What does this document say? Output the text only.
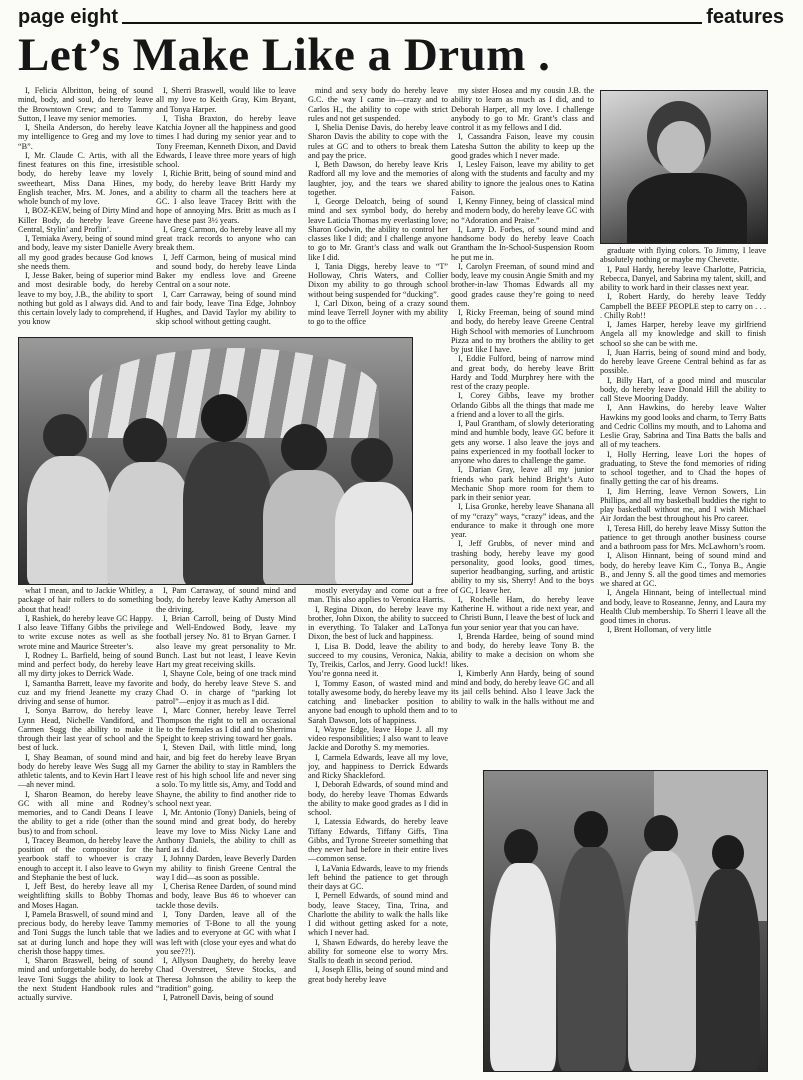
page eight	features
Let’s Make Like a Drum .

I, Felicia Albritton, being of sound mind, body, and soul, do hereby leave the Browntown Crew; and to Tammy Sutton, I leave my senior memories.

I, Sheila Anderson, do hereby leave my intelligence to Greg and my love to “B”.

I, Mr. Claude C. Artis, with all the finest features on this fine, irresistible body, do hereby leave my lovely sweetheart, Miss Dana Hines, my English teacher, Mrs. M. Jones, and a whole bunch of my love.

I, BOZ-KEW, being of Dirty Mind and Killer Body, do hereby leave Greene Central, Stylin’ and Proflin’.

I, Temiaka Avery, being of sound mind and body, leave my sister Danielle Avery all my good grades because God knows she needs them.

I, Jesse Baker, being of superior mind and most desirable body, do hereby leave to my boy, J.B., the ability to sport nothing but gold as I always did. And to this certain lovely lady to comprehend, if you know

I, Sherri Braswell, would like to leave all my love to Keith Gray, Kim Bryant, and Tonya Harper.

I, Tisha Braxton, do hereby leave Katchia Joyner all the happiness and good times I had during my senior year and to Tony Freeman, Kenneth Dixon, and David Edwards, I leave three more years of high school.

I, Richie Britt, being of sound mind and body, do hereby leave Britt Hardy my ability to charm all the teachers here at GC. I also leave Tracey Britt with the hope of annoying Mrs. Britt as much as I have these past 3½ years.

I, Greg Carmon, do hereby leave all my great track records to anyone who can break them.

I, Jeff Carmon, being of musical mind and sound body, do hereby leave Linda Baker my endless love and Greene Central on a sour note.

I, Carr Carraway, being of sound mind and fair body, leave Tina Edge, Johnboy Hughes, and David Taylor my ability to skip school without getting caught.

mind and sexy body do hereby leave G.C. the way I came in—crazy and to Carlos H., the ability to cope with strict rules and not get suspended.

I, Shelia Denise Davis, do hereby leave Sharon Davis the ability to cope with the rules at GC and to others to break them and pay the price.

I, Beth Dawson, do hereby leave Kris Radford all my love and the memories of laughter, joy, and the tears we shared together.

I, George Deloatch, being of sound mind and sex symbol body, do hereby leave Laticia Thomas my everlasting love; Sharon Godwin, the ability to control her classes like I did; and I challenge anyone to go to Mr. Grant’s class and walk out like I did.

I, Tania Diggs, hereby leave to “T” Holloway, Chris Waters, and Collier Dixon my ability to go through school without being suspended for “ducking”.

I, Carl Dixon, being of a crazy sound mind leave Terrell Joyner with my ability to go to the office

my sister Hosea and my cousin J.B. the ability to learn as much as I did, and to Deborah Harper, all my love. I challenge anybody to go to Mr. Grant’s class and control it as my fellows and I did.

I, Cassandra Faison, leave my cousin Latesha Sutton the ability to keep up the good grades which I never made.

I, Lesley Faison, leave my ability to get along with the students and faculty and my ability to ignore the jealous ones to Katina Faison.

I, Kenny Finney, being of classical mind and modern body, do hereby leave GC with no “Adoration and Praise.”

I, Larry D. Forbes, of sound mind and handsome body do hereby leave Coach Grantham the In-School-Suspension Room he put me in.

I, Carolyn Freeman, of sound mind and body, leave my cousin Angie Smith and my brother-in-law Thomas Edwards all my good grades cause they’re going to need them.

I, Ricky Freeman, being of sound mind and body, do hereby leave Greene Central High School with memories of Lunchroom Pizza and to my brothers the ability to get by just like I have.

I, Eddie Fulford, being of narrow mind and great body, do hereby leave Britt Hardy and Todd Murphrey here with the rest of the crazy people.

I, Corey Gibbs, leave my brother Orlando Gibbs all the things that made me a friend and a lover to all the girls.

I, Paul Grantham, of slowly deteriorating mind and humble body, leave GC before it gets any worse. I also leave the joys and pains experienced in my football locker to anyone who dares to challenge the game.

I, Darian Gray, leave all my junior friends who park behind Bright’s Auto Mechanic Shop more room for them to park in their senior year.

I, Lisa Gronke, hereby leave Shanana all of my “crazy” ways, “crazy” ideas, and the endurance to make it through one more year.

I, Jeff Grubbs, of never mind and trashing body, hereby leave my good personality, good looks, good times, superior headbanging, surfing, and artistic ability to my sis, Sherry! And to the boys of GC, I leave her.

I, Rochelle Ham, do hereby leave Katherine H. without a ride next year, and to Christi Bunn, I leave the best of luck and fun your senior year that you can have.

I, Brenda Hardee, being of sound mind and body, do hereby leave Tony B. the ability to make a decision on whom she likes.

I, Kimberly Ann Hardy, being of sound mind and body, do hereby leave GC and all its jail cells behind. Also I leave Jack the ability to walk in the halls without me and to

graduate with flying colors. To Jimmy, I leave absolutely nothing or maybe my Chevette.

I, Paul Hardy, hereby leave Charlotte, Patricia, Rebecca, Danyel, and Sabrina my talent, skill, and ability to work hard in their classes next year.

I, Robert Hardy, do hereby leave Teddy Campbell the BEEF PEOPLE step to carry on . . . . Chilly Rob!!

I, James Harper, hereby leave my girlfriend Angela all my knowledge and skill to finish school so she can be with me.

I, Juan Harris, being of sound mind and body, do hereby leave Greene Central behind as far as possible.

I, Billy Hart, of a good mind and muscular body, do hereby leave Donald Hill the ability to call Steve Mooring Daddy.

I, Ann Hawkins, do hereby leave Walter Hawkins my good looks and charm, to Terry Batts and Cedric Collins my mouth, and to Lahoma and Leslie Gray, Sabrina and Tina Batts the balls and all of my teachers.

I, Holly Herring, leave Lori the hopes of graduating, to Steve the fond memories of riding to school together, and to Chad the hopes of finally getting the car of his dreams.

I, Jim Herring, leave Vernon Sowers, Lin Phillips, and all my basketball buddies the right to play basketball without me, and I wish Michael Air Jordan the best throughout his Pro career.

I, Teresa Hill, do hereby leave Missy Sutton the patience to get through another business course and a bathroom pass for Mrs. McLawhorn’s room.

I, Alison Hinnant, being of sound mind and body, do hereby leave Kim C., Tonya B., Angie B., and Jenny S. all the good times and memories we shared at GC.

I, Angela Hinnant, being of intellectual mind and body, leave to Roseanne, Jenny, and Laura my Health Club membership. To Sherri I leave all the good times in chorus.

I, Brent Holloman, of very little

what I mean, and to Jackie Whitley, a package of hair rollers to do something about that head!

I, Rashiek, do hereby leave GC Happy. I also leave Tiffany Gibbs the privilege to write excuse notes as well as she wrote mine and Maurice Streeter’s.

I, Rodney L. Barfield, being of sound mind and perfect body, do hereby leave all my dirty jokes to Derrick Wade.

I, Samantha Barrett, leave my favorite cuz and my friend Jeanette my crazy driving and sense of humor.

I, Sonya Barrow, do hereby leave Lynn Head, Nichelle Vandiford, and Carmen Sugg the ability to make it through their last year of school and the best of luck.

I, Shay Beaman, of sound mind and body do hereby leave Wes Sugg all my athletic talents, and to Kevin Hart I leave—ah never mind.

I, Sharon Beamon, do hereby leave GC with all mine and Rodney’s memories, and to Candi Deans I leave the ability to get a ride (other than the bus) to and from school.

I, Tracey Beamon, do hereby leave the position of the compositor for the yearbook staff to whoever is crazy enough to accept it. I also leave to Gwyn and Stephanie the best of luck.

I, Jeff Best, do hereby leave all my weightlifting skills to Bobby Thomas and Moses Hagan.

I, Pamela Braswell, of sound mind and precious body, do hereby leave Tammy and Toni Suggs the lunch table that we sat at during lunch and hope they will cherish those happy times.

I, Sharon Braswell, being of sound mind and unforgettable body, do hereby leave Toni Suggs the ability to look at the next Student Handbook rules and actually survive.

I, Pam Carraway, of sound mind and body, do hereby leave Kathy Amerson all the driving.

I, Brian Carroll, being of Dusty Mind and Well-Endowed Body, leave my football jersey No. 81 to Bryan Garner. I also leave my great personality to Mr. Bunch. Last but not least, I leave Kevin Hart my great receiving skills.

I, Shayne Cole, being of one track mind and body, do hereby leave Steve S. and Chad O. in charge of “parking lot patrol”—enjoy it as much as I did.

I, Marc Conner, hereby leave Terrel Thompson the right to tell an occasional lie to the females as I did and to Sherrima Speight to keep striving toward her goals.

I, Steven Dail, with little mind, long hair, and big feet do hereby leave Bryan Garner the ability to stay in Ramblers the rest of his high school life and never sing a solo. To my little sis, Amy, and Todd and Shayne, the ability to find another ride to school next year.

I, Mr. Antonio (Tony) Daniels, being of sound mind and great body, do hereby leave my love to Miss Nicky Lane and Anthony Daniels, the ability to chill as hard as I did.

I, Johnny Darden, leave Beverly Darden my ability to finish Greene Central the way I did—as soon as possible.

I, Cherisa Renee Darden, of sound mind and body, leave Bus #6 to whoever can tackle those devils.

I, Tony Darden, leave all of the memories of T-Bone to all the young ladies and to everyone at GC with what I was left with (close your eyes and what do you see??!).

I, Allyson Daughety, do hereby leave Chad Overstreet, Steve Stocks, and Theresa Johnson the ability to keep the “tradition” going.

I, Patronell Davis, being of sound

mostly everyday and come out a free man. This also applies to Veronica Harris.

I, Regina Dixon, do hereby leave my brother, John Dixon, the ability to succeed in everything. To Talaker and LaTonya Dixon, the best of luck and happiness.

I, Lisa B. Dodd, leave the ability to succeed to my cousins, Veronica, Nakia, Ty, Treikis, Carlos, and Jerry. Good luck!! You’re gonna need it.

I, Tommy Eason, of wasted mind and totally awesome body, do hereby leave my catching and linebacker position to anyone bad enough to uphold them and to Sarah Dawson, lots of happiness.

I, Wayne Edge, leave Hope J. all my video responsibilities; I also want to leave Jackie and Dorothy S. my memories.

I, Carmela Edwards, leave all my love, joy, and happiness to Derrick Edwards and Ricky Shackleford.

I, Deborah Edwards, of sound mind and body, do hereby leave Thomas Edwards the ability to make good grades as I did in school.

I, Latessia Edwards, do hereby leave Tiffany Edwards, Tiffany Giffs, Tina Gibbs, and Tyrone Streeter something that they never had before in their entire lives—common sense.

I, LaVania Edwards, leave to my friends left behind the patience to get through their days at GC.

I, Pernell Edwards, of sound mind and body, leave Stacey, Tina, Trina, and Charlotte the ability to walk the halls like I did without getting asked for a note, which I never had.

I, Shawn Edwards, do hereby leave the ability for someone else to worry Mrs. Stalls to death in second period.

I, Joseph Ellis, being of sound mind and great body hereby leave
